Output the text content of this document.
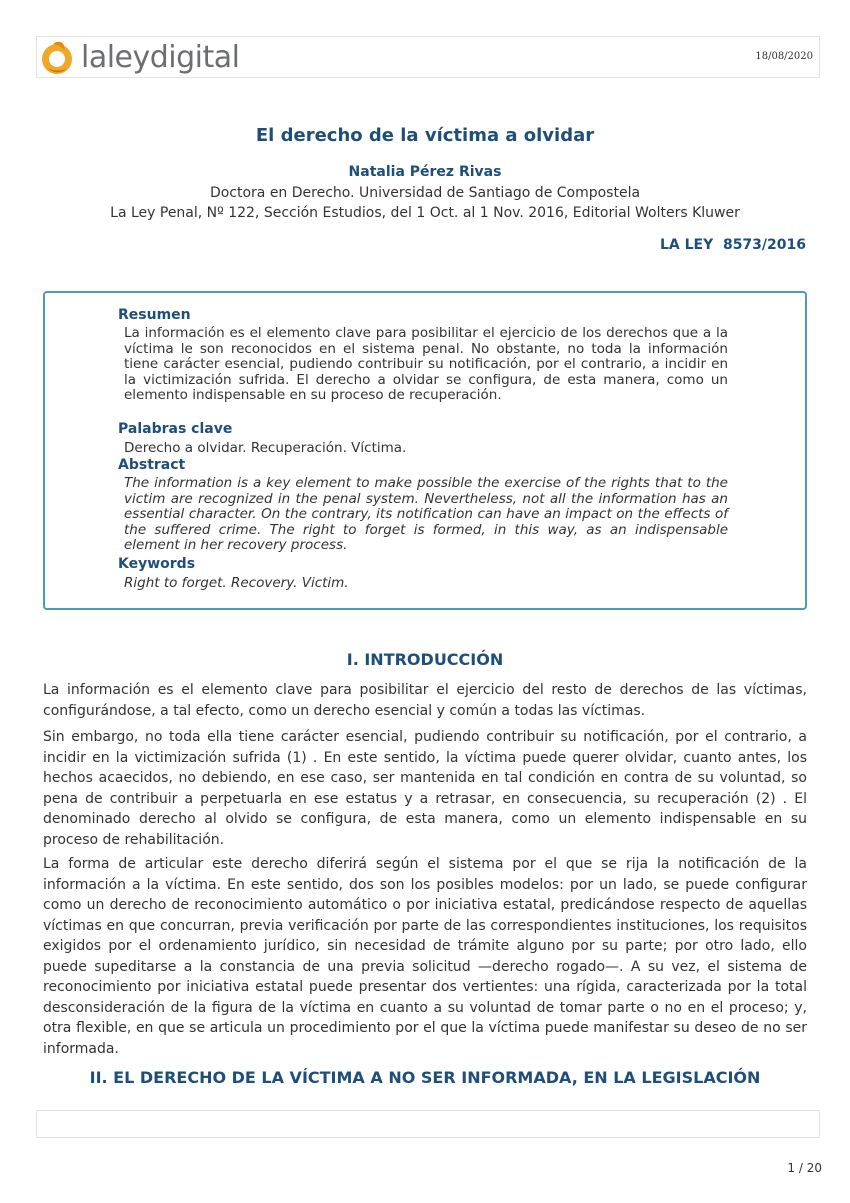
laleydigital	18/08/2020
El derecho de la víctima a olvidar
Natalia Pérez Rivas
Doctora en Derecho. Universidad de Santiago de Compostela
La Ley Penal, Nº 122, Sección Estudios, del 1 Oct. al 1 Nov. 2016, Editorial Wolters Kluwer
LA LEY  8573/2016
Resumen
La información es el elemento clave para posibilitar el ejercicio de los derechos que a la víctima le son reconocidos en el sistema penal. No obstante, no toda la información tiene carácter esencial, pudiendo contribuir su notificación, por el contrario, a incidir en la victimización sufrida. El derecho a olvidar se configura, de esta manera, como un elemento indispensable en su proceso de recuperación.
Palabras clave
Derecho a olvidar. Recuperación. Víctima.
Abstract
The information is a key element to make possible the exercise of the rights that to the victim are recognized in the penal system. Nevertheless, not all the information has an essential character. On the contrary, its notification can have an impact on the effects of the suffered crime. The right to forget is formed, in this way, as an indispensable element in her recovery process.
Keywords
Right to forget. Recovery. Victim.
I. INTRODUCCIÓN

La información es el elemento clave para posibilitar el ejercicio del resto de derechos de las víctimas, configurándose, a tal efecto, como un derecho esencial y común a todas las víctimas.

Sin embargo, no toda ella tiene carácter esencial, pudiendo contribuir su notificación, por el contrario, a incidir en la victimización sufrida (1) . En este sentido, la víctima puede querer olvidar, cuanto antes, los hechos acaecidos, no debiendo, en ese caso, ser mantenida en tal condición en contra de su voluntad, so pena de contribuir a perpetuarla en ese estatus y a retrasar, en consecuencia, su recuperación (2) . El denominado derecho al olvido se configura, de esta manera, como un elemento indispensable en su proceso de rehabilitación.

La forma de articular este derecho diferirá según el sistema por el que se rija la notificación de la información a la víctima. En este sentido, dos son los posibles modelos: por un lado, se puede configurar como un derecho de reconocimiento automático o por iniciativa estatal, predicándose respecto de aquellas víctimas en que concurran, previa verificación por parte de las correspondientes instituciones, los requisitos exigidos por el ordenamiento jurídico, sin necesidad de trámite alguno por su parte; por otro lado, ello puede supeditarse a la constancia de una previa solicitud —derecho rogado—. A su vez, el sistema de reconocimiento por iniciativa estatal puede presentar dos vertientes: una rígida, caracterizada por la total desconsideración de la figura de la víctima en cuanto a su voluntad de tomar parte o no en el proceso; y, otra flexible, en que se articula un procedimiento por el que la víctima puede manifestar su deseo de no ser informada.

II. EL DERECHO DE LA VÍCTIMA A NO SER INFORMADA, EN LA LEGISLACIÓN
1 / 20
